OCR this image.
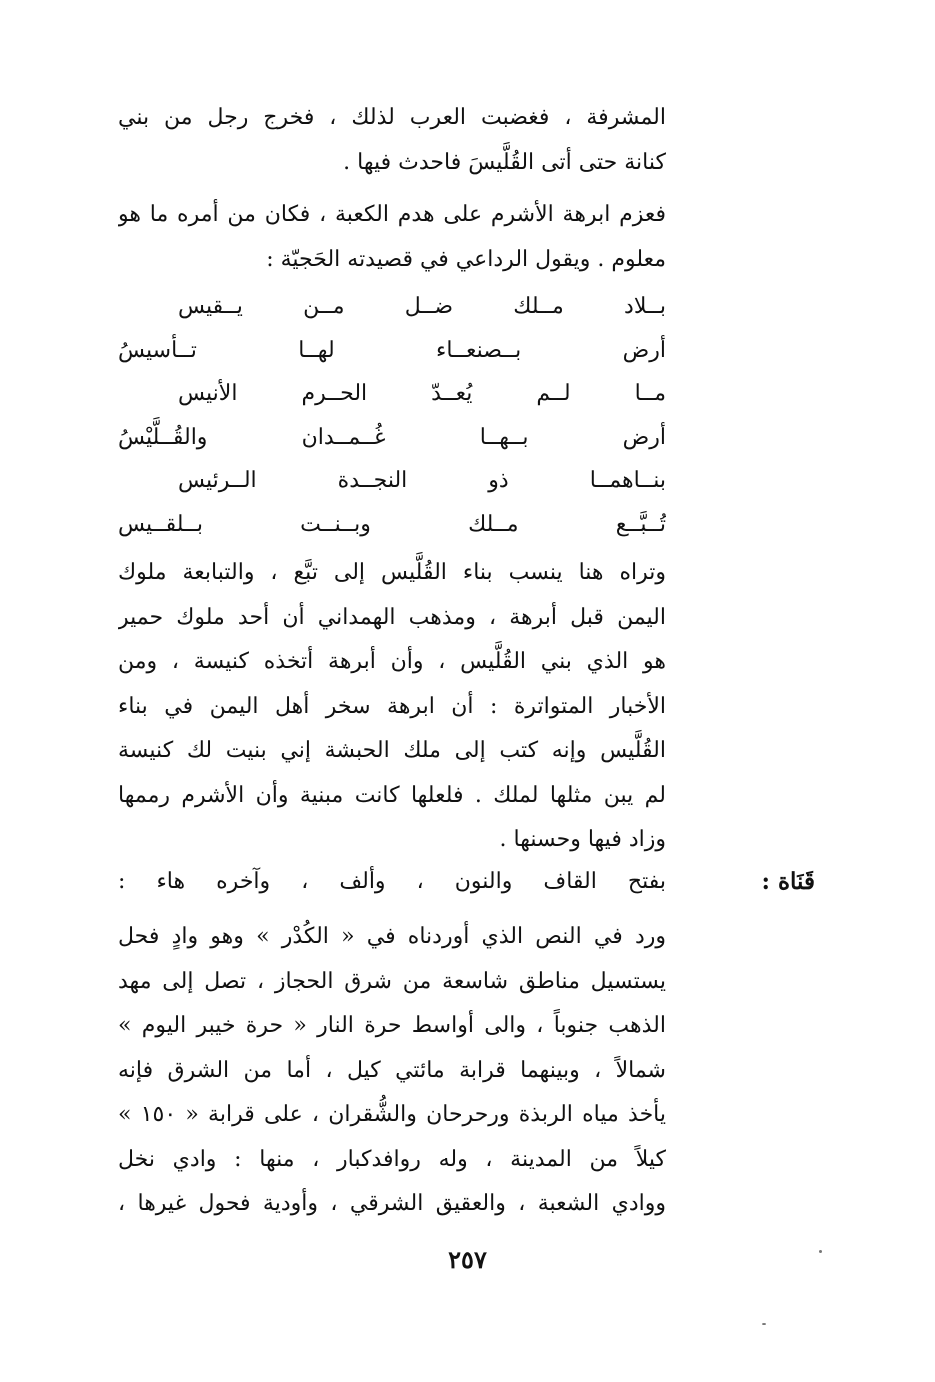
المشرفة ، فغضبت العرب لذلك ، فخرج رجل من بني
كنانة حتى أتى القُلَّيسَ فاحدث فيها .
فعزم ابرهة الأشرم على هدم الكعبة ، فكان من أمره ما هو
معلوم . ويقول الرداعي في قصيدته الحَجيّة :
بــلاد مــلك ضــل مــن يــقيس
أرض بــصنعــاء لهــا تــأسيسُ
مــا لــم يُعــدّ الحــرم الأنيس
أرض بــهــا غُــمــدان والقُــلَّيْسُ
بنــاهمــا ذو النجــدة الــرئيس
تُــبَّــع مــلك وبــنــت بــلقــيس
وتراه هنا ينسب بناء القُلَّيس إلى تبَّع ، والتبابعة ملوك
اليمن قبل أبرهة ، ومذهب الهمداني أن أحد ملوك حمير
هو الذي بني القُلَّيس ، وأن أبرهة أتخذه كنيسة ، ومن
الأخبار المتواترة : أن ابرهة سخر أهل اليمن في بناء
القُلَّيس وإنه كتب إلى ملك الحبشة إني بنيت لك كنيسة
لم يبن مثلها لملك . فلعلها كانت مبنية وأن الأشرم رممها
وزاد فيها وحسنها .
قَنَاة :
بفتح القاف والنون ، وألف ، وآخره هاء :
ورد في النص الذي أوردناه في « الكُدْر » وهو وادٍ فحل
يستسيل مناطق شاسعة من شرق الحجاز ، تصل إلى مهد
الذهب جنوباً ، والى أواسط حرة النار « حرة خيبر اليوم »
شمالاً ، وبينهما قرابة مائتي كيل ، أما من الشرق فإنه
يأخذ مياه الربذة ورحرحان والشُّقران ، على قرابة « ١٥٠ »
كيلاً من المدينة ، وله روافدكبار ، منها : وادي نخل
ووادي الشعبة ، والعقيق الشرقي ، وأودية فحول غيرها ،
٢٥٧
